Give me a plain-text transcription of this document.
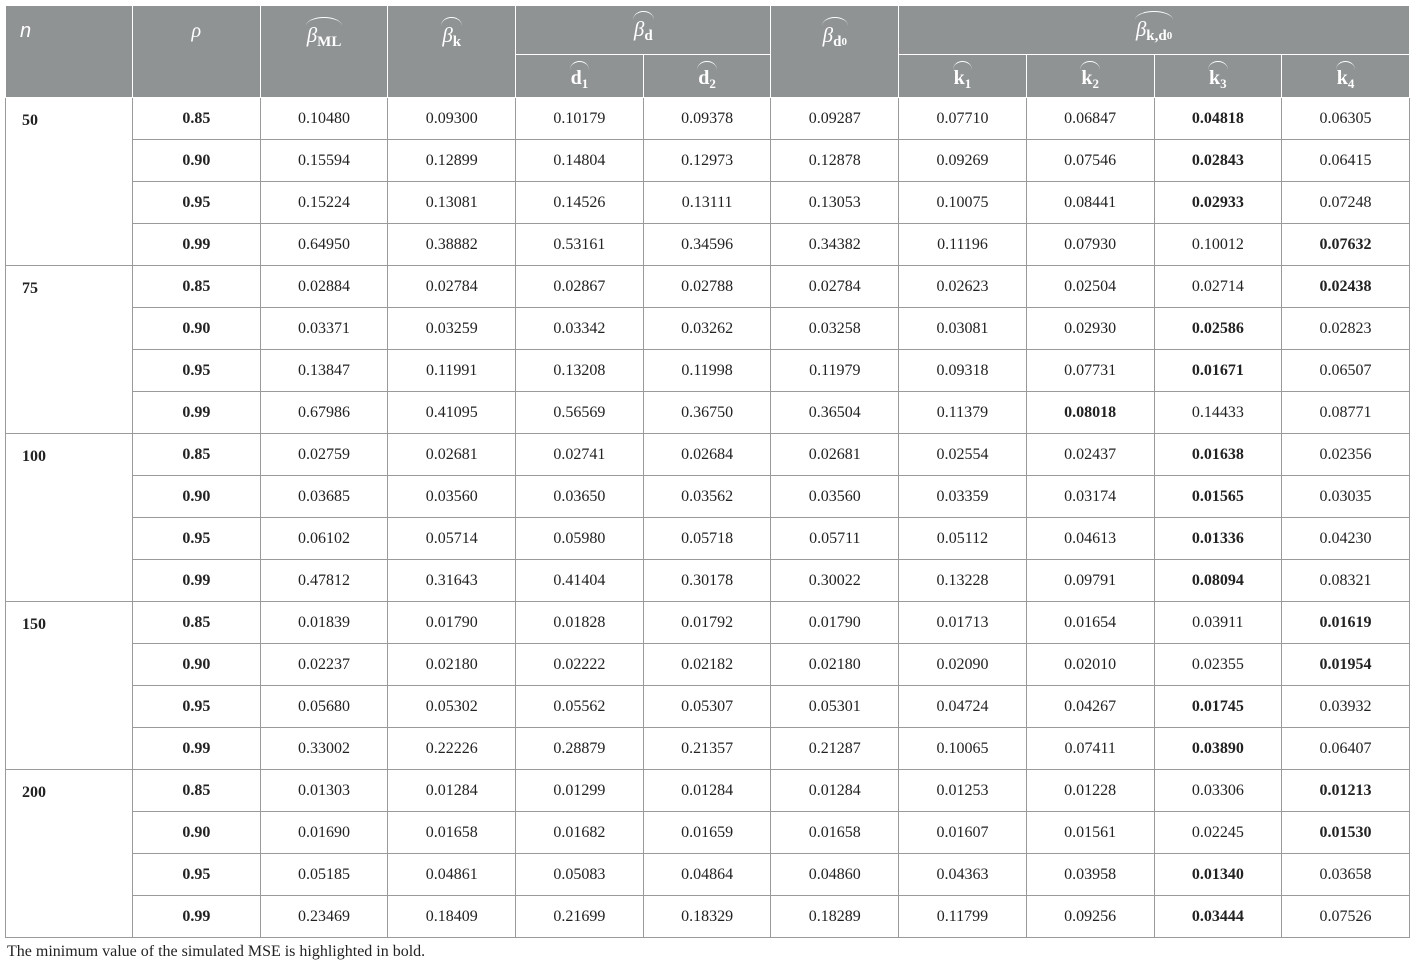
n	ρ	$\beta_{ML}$	$\beta_k$	$\beta_d$		$\beta_d0$	$\beta_{k,d}0$			
				$d_1$	$d_2$		$k_1$	$k_2$	$k_3$	$k_4$
50	0.85	0.10480	0.09300	0.10179	0.09378	0.09287	0.07710	0.06847	0.04818	0.06305
	0.90	0.15594	0.12899	0.14804	0.12973	0.12878	0.09269	0.07546	0.02843	0.06415
	0.95	0.15224	0.13081	0.14526	0.13111	0.13053	0.10075	0.08441	0.02933	0.07248
	0.99	0.64950	0.38882	0.53161	0.34596	0.34382	0.11196	0.07930	0.10012	0.07632
75	0.85	0.02884	0.02784	0.02867	0.02788	0.02784	0.02623	0.02504	0.02714	0.02438
	0.90	0.03371	0.03259	0.03342	0.03262	0.03258	0.03081	0.02930	0.02586	0.02823
	0.95	0.13847	0.11991	0.13208	0.11998	0.11979	0.09318	0.07731	0.01671	0.06507
	0.99	0.67986	0.41095	0.56569	0.36750	0.36504	0.11379	0.08018	0.14433	0.08771
100	0.85	0.02759	0.02681	0.02741	0.02684	0.02681	0.02554	0.02437	0.01638	0.02356
	0.90	0.03685	0.03560	0.03650	0.03562	0.03560	0.03359	0.03174	0.01565	0.03035
	0.95	0.06102	0.05714	0.05980	0.05718	0.05711	0.05112	0.04613	0.01336	0.04230
	0.99	0.47812	0.31643	0.41404	0.30178	0.30022	0.13228	0.09791	0.08094	0.08321
150	0.85	0.01839	0.01790	0.01828	0.01792	0.01790	0.01713	0.01654	0.03911	0.01619
	0.90	0.02237	0.02180	0.02222	0.02182	0.02180	0.02090	0.02010	0.02355	0.01954
	0.95	0.05680	0.05302	0.05562	0.05307	0.05301	0.04724	0.04267	0.01745	0.03932
	0.99	0.33002	0.22226	0.28879	0.21357	0.21287	0.10065	0.07411	0.03890	0.06407
200	0.85	0.01303	0.01284	0.01299	0.01284	0.01284	0.01253	0.01228	0.03306	0.01213
	0.90	0.01690	0.01658	0.01682	0.01659	0.01658	0.01607	0.01561	0.02245	0.01530
	0.95	0.05185	0.04861	0.05083	0.04864	0.04860	0.04363	0.03958	0.01340	0.03658
	0.99	0.23469	0.18409	0.21699	0.18329	0.18289	0.11799	0.09256	0.03444	0.07526
The minimum value of the simulated MSE is highlighted in bold.
